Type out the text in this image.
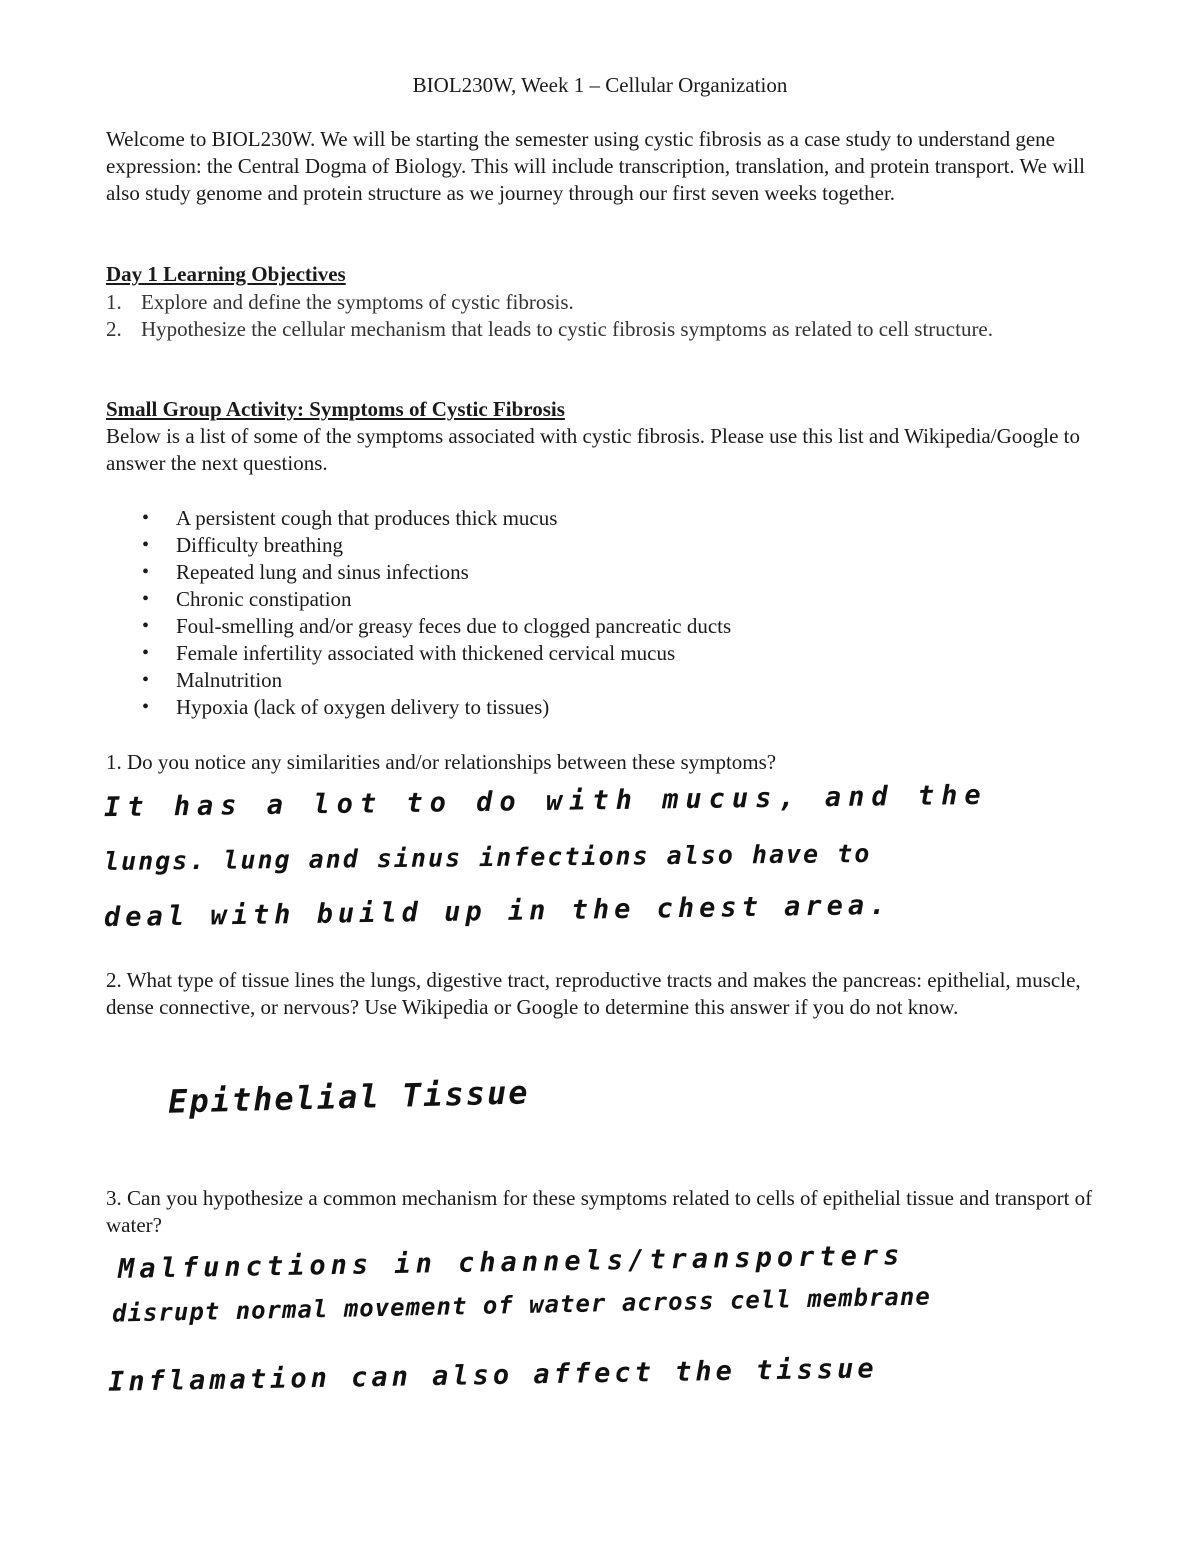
BIOL230W, Week 1 – Cellular Organization

Welcome to BIOL230W. We will be starting the semester using cystic fibrosis as a case study to understand gene expression: the Central Dogma of Biology. This will include transcription, translation, and protein transport. We will also study genome and protein structure as we journey through our first seven weeks together.

Day 1 Learning Objectives

1. Explore and define the symptoms of cystic fibrosis.
2. Hypothesize the cellular mechanism that leads to cystic fibrosis symptoms as related to cell structure.

Small Group Activity: Symptoms of Cystic Fibrosis

Below is a list of some of the symptoms associated with cystic fibrosis. Please use this list and Wikipedia/Google to answer the next questions.

• A persistent cough that produces thick mucus
• Difficulty breathing
• Repeated lung and sinus infections
• Chronic constipation
• Foul-smelling and/or greasy feces due to clogged pancreatic ducts
• Female infertility associated with thickened cervical mucus
• Malnutrition
• Hypoxia (lack of oxygen delivery to tissues)

1. Do you notice any similarities and/or relationships between these symptoms?

It has a lot to do with mucus, and the

lungs. lung and sinus infections also have to

deal with build up in the chest area.

2. What type of tissue lines the lungs, digestive tract, reproductive tracts and makes the pancreas: epithelial, muscle, dense connective, or nervous? Use Wikipedia or Google to determine this answer if you do not know.

Epithelial Tissue

3. Can you hypothesize a common mechanism for these symptoms related to cells of epithelial tissue and transport of water?

Malfunctions in channels/transporters

disrupt normal movement of water across cell membrane

Inflamation can also affect the tissue
